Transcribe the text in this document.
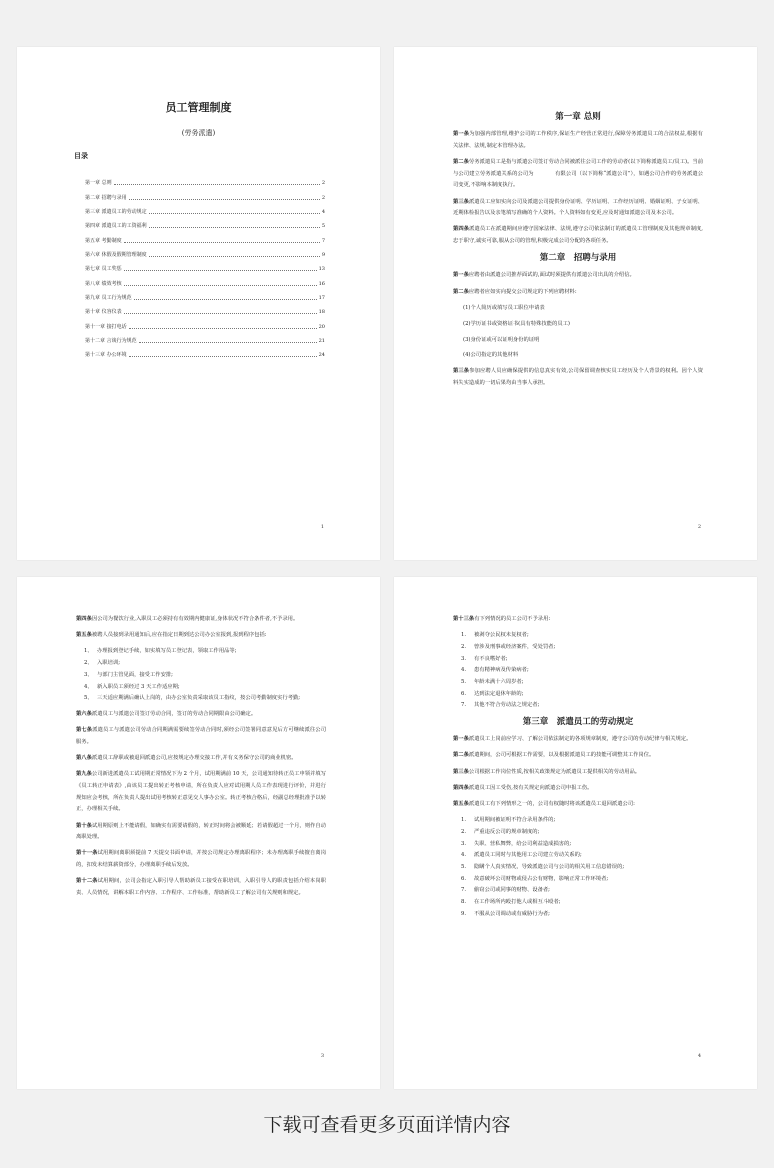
员工管理制度
(劳务派遣)
目录
第一章 总则	2
第二章 招聘与录用	2
第三章 派遣员工的劳动规定	4
第四章 派遣员工的工资福利	5
第五章 考勤制度	7
第六章 休假及假期管理制度	9
第七章 员工奖惩	13
第八章 绩效考核	16
第九章 员工行为规范	17
第十章 仪容仪表	18
第十一章 接打电话	20
第十二章 言谈行为规范	21
第十三章 办公环境	24
1
第一章 总则

第一条为加强内部管理,维护公司的工作秩序,保证生产经营正常进行,保障劳务派遣员工的合法权益,根据有关法律、法规,制定本管理办法。

第二条劳务派遣员工是指与派遣公司签订劳动合同被派往公司工作的劳动者(以下简称派遣员工/员工)。当前与公司建立劳务派遣关系的公司为　　　　有限公司（以下简称“派遣公司”），如遇公司合作的劳务派遣公司变更,不影响本制度执行。

第三条派遣员工应如实向公司及派遣公司提供身份证明、学历证明、工作经历证明、婚姻证明、子女证明、近期体检报告以及亲笔填写准确的个人资料。个人资料如有变更,应及时通知派遣公司及本公司。

第四条派遣员工在派遣期间应遵守国家法律、法规,遵守公司依法制订的派遣员工管理制度及其他规章制度,忠于职守,诚实可靠,服从公司的管理,积极完成公司分配的各项任务。

第二章　招聘与录用

第一条应聘者由派遣公司推荐面试的,面试时须提供有派遣公司出具的介绍信。

第二条应聘者应如实向提交公司规定的下列应聘材料:

(1)个人简历或填写员工职位申请表
(2)学历证书或资格证书(具有特殊技能的员工)
(3)身份证或可以证明身份的证明
(4)公司指定的其他材料

第三条参加应聘人员应确保提供的信息真实有效,公司保留调查核实员工经历及个人背景的权利。因个人资料失实造成的一切后果均由当事人承担。

2

第四条因公司为餐饮行业,入职员工必须持有有效期内健康证,身体状况不符合条件者,不予录用。

第五条被聘人员接到录用通知后,应在指定日期到达公司办公室报到,报到程序包括:

1、 办理报到登记手续，如实填写员工登记表，领取工作用品等;
2、 入职培训;
3、 与部门主管见面，接受工作安排;
4、 新入职员工须经过 3 天工作适应期;
5、 三天适应期满后确认上岗的，由办公室负责采取该员工指纹，按公司考勤制度实行考勤;

第六条派遣员工与派遣公司签订劳动合同，签订的劳动合同期限由公司确定。

第七条派遣员工与派遣公司劳动合同期满需要续签劳动合同时,须经公司签署同意意见后方可继续派往公司服务。

第八条派遣员工辞职或被退回派遣公司,应按规定办理交接工作,并有义务保守公司的商业机密。

第九条公司新进派遣员工试用期正常情况下为 2 个月，试用期满前 10 天，公司通知待转正员工申领并填写《员工转正申请表》,由该员工提出转正考核申请，所在负责人应对试用期人员工作表现进行评价，并进行规知应会考核，所在负责人提出试用考核转正意见交人事办公室。转正考核合格后，经副总经理批准予以转正，办理相关手续。

第十条试用期原则上不能请假，如确实有需要请假的，转正时间将会被顺延；若请假超过一个月，则作自动离职处理。

第十一条试用期间离职须提前 7 天提交书面申请，并按公司规定办理离职程序；未办理离职手续擅自离岗的，扣发未结算薪资部分，办理离职手续后发放。

第十二条试用期间，公司会指定入职引导人帮助新员工接受在职培训，入职引导人的职责包括介绍本岗职责、人员情况，讲解本职工作内容、工作程序、工作标准，帮助新员工了解公司有关规则和规定。

3

第十三条有下列情况的员工公司不予录用:

1.	被剥夺公民权未复权者;
2.	曾涉及刑事或经济案件，受处罚者;
3.	有不良嗜好者;
4.	患有精神病及传染病者;
5.	年龄未满十六周岁者;
6.	达到法定退休年龄的;
7.	其他不符合劳动法之规定者;
第三章　派遣员工的劳动规定

第一条派遣员工上岗前应学习、了解公司依法制定的各项规章制度，遵守公司的劳动纪律与相关规定。

第二条派遣期间，公司可根据工作需要，以及根据派遣员工的技能可调整其工作岗位。

第三条公司根据工作岗位性质,按相关政策规定为派遣员工提供相关的劳动用品。

第四条派遣员工因工受伤,按有关规定向派遣公司申报工伤。

第五条派遣员工有下列情形之一的，公司有权随时将该派遣员工退回派遣公司:

1.	试用期间被证明不符合录用条件的;
2.	严重违反公司的规章制度的;
3.	失职、营私舞弊，给公司利益造成损害的;
4.	派遣员工同时与其他用工公司建立劳动关系的;
5.	隐瞒个人真实情况，导致派遣公司与公司的相关用工信息错误的;
6.	故意破坏公司财物或侵占公有财物，影响正常工作环境者;
7.	偷窃公司或同事的财物、设备者;
8.	在工作场所内殴打他人或相互斗殴者;
9.	不服从公司调动或有威胁行为者;
4
下载可查看更多页面详情内容
